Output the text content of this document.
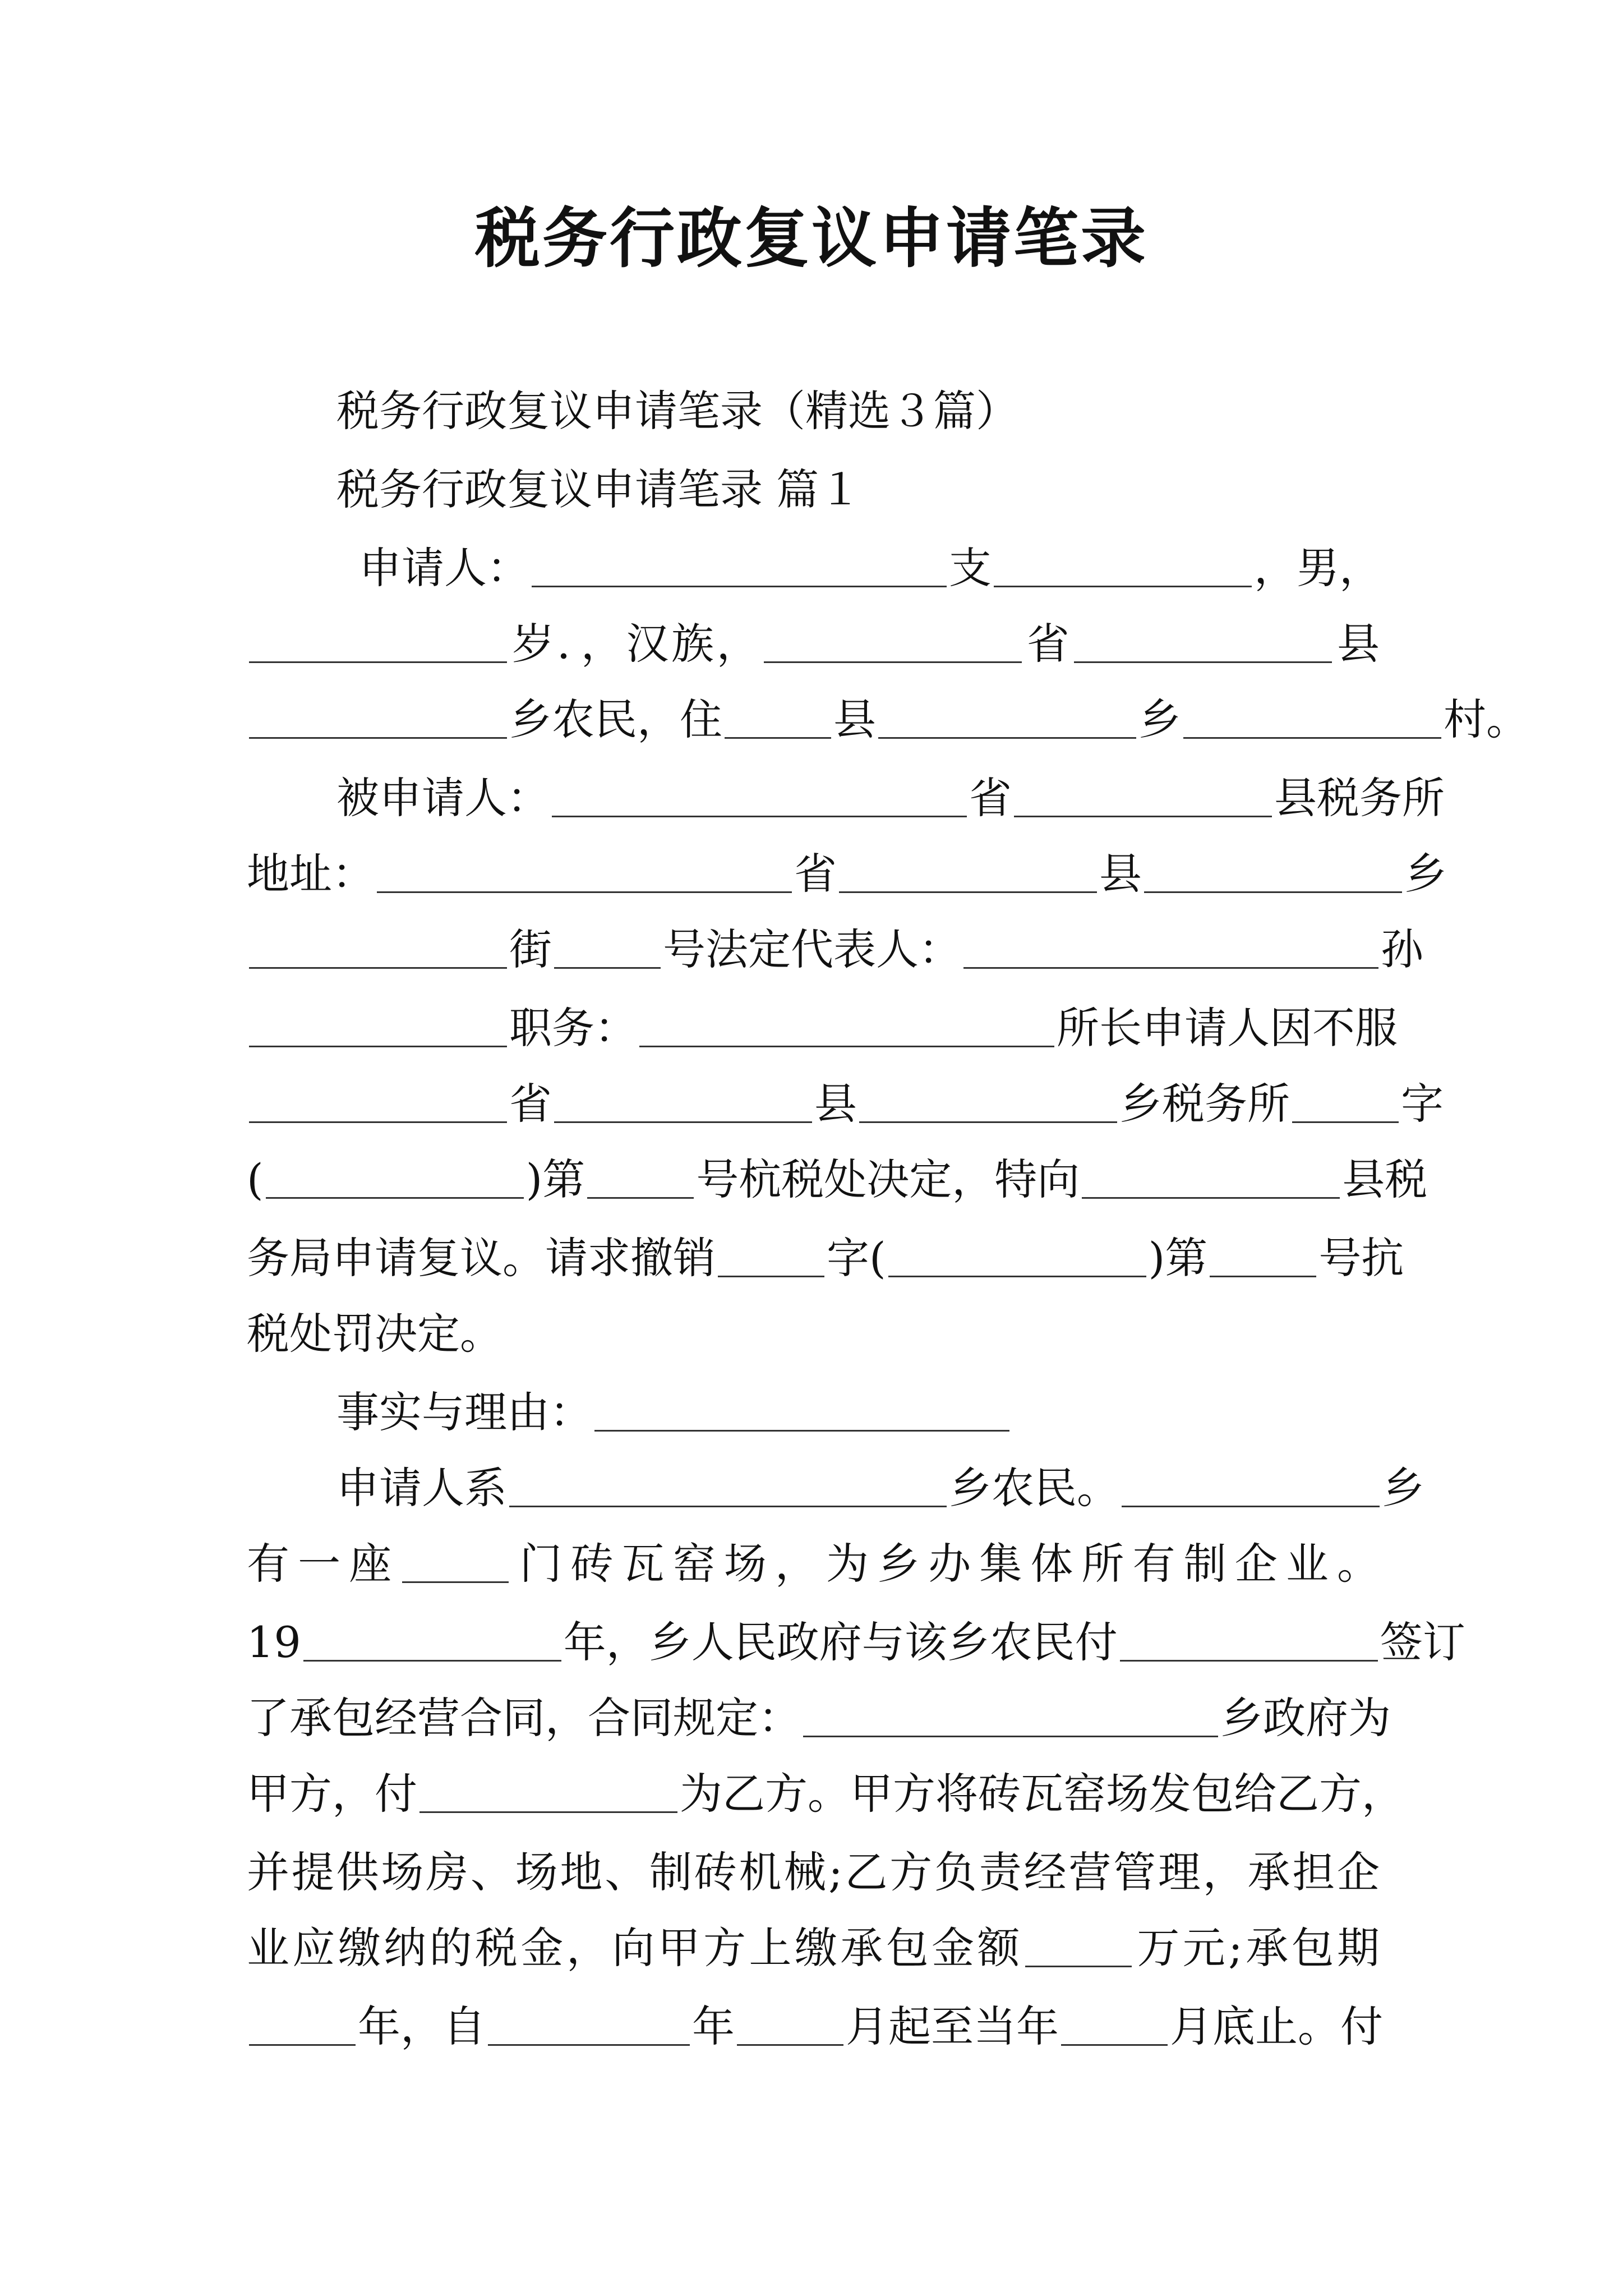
税务行政复议申请笔录
税务行政复议申请笔录（精选３篇）
税务行政复议申请笔录 篇１
申请人：	支	，男，
岁．，汉族，	省	县
乡农民，住	县	乡	村。
被申请人：	省	县税务所
地址：	省	县	乡
街	号法定代表人：	孙
职务：	所长申请人因不服
省	县	乡税务所	字
(	)第	号杭税处决定，特向	县税
务局申请复议。请求撤销	字(	)第	号抗
税处罚决定。
事实与理由：
申请人系	乡农民。	乡
有一座	门砖瓦窑场，为乡办集体所有制企业。
19	年，乡人民政府与该乡农民付	签订
了承包经营合同，合同规定：	乡政府为
甲方，付	为乙方。甲方将砖瓦窑场发包给乙方，
并提供场房、场地、制砖机械;乙方负责经营管理，承担企
业应缴纳的税金，向甲方上缴承包金额	万元;承包期
年，自	年	月起至当年	月底止。付
